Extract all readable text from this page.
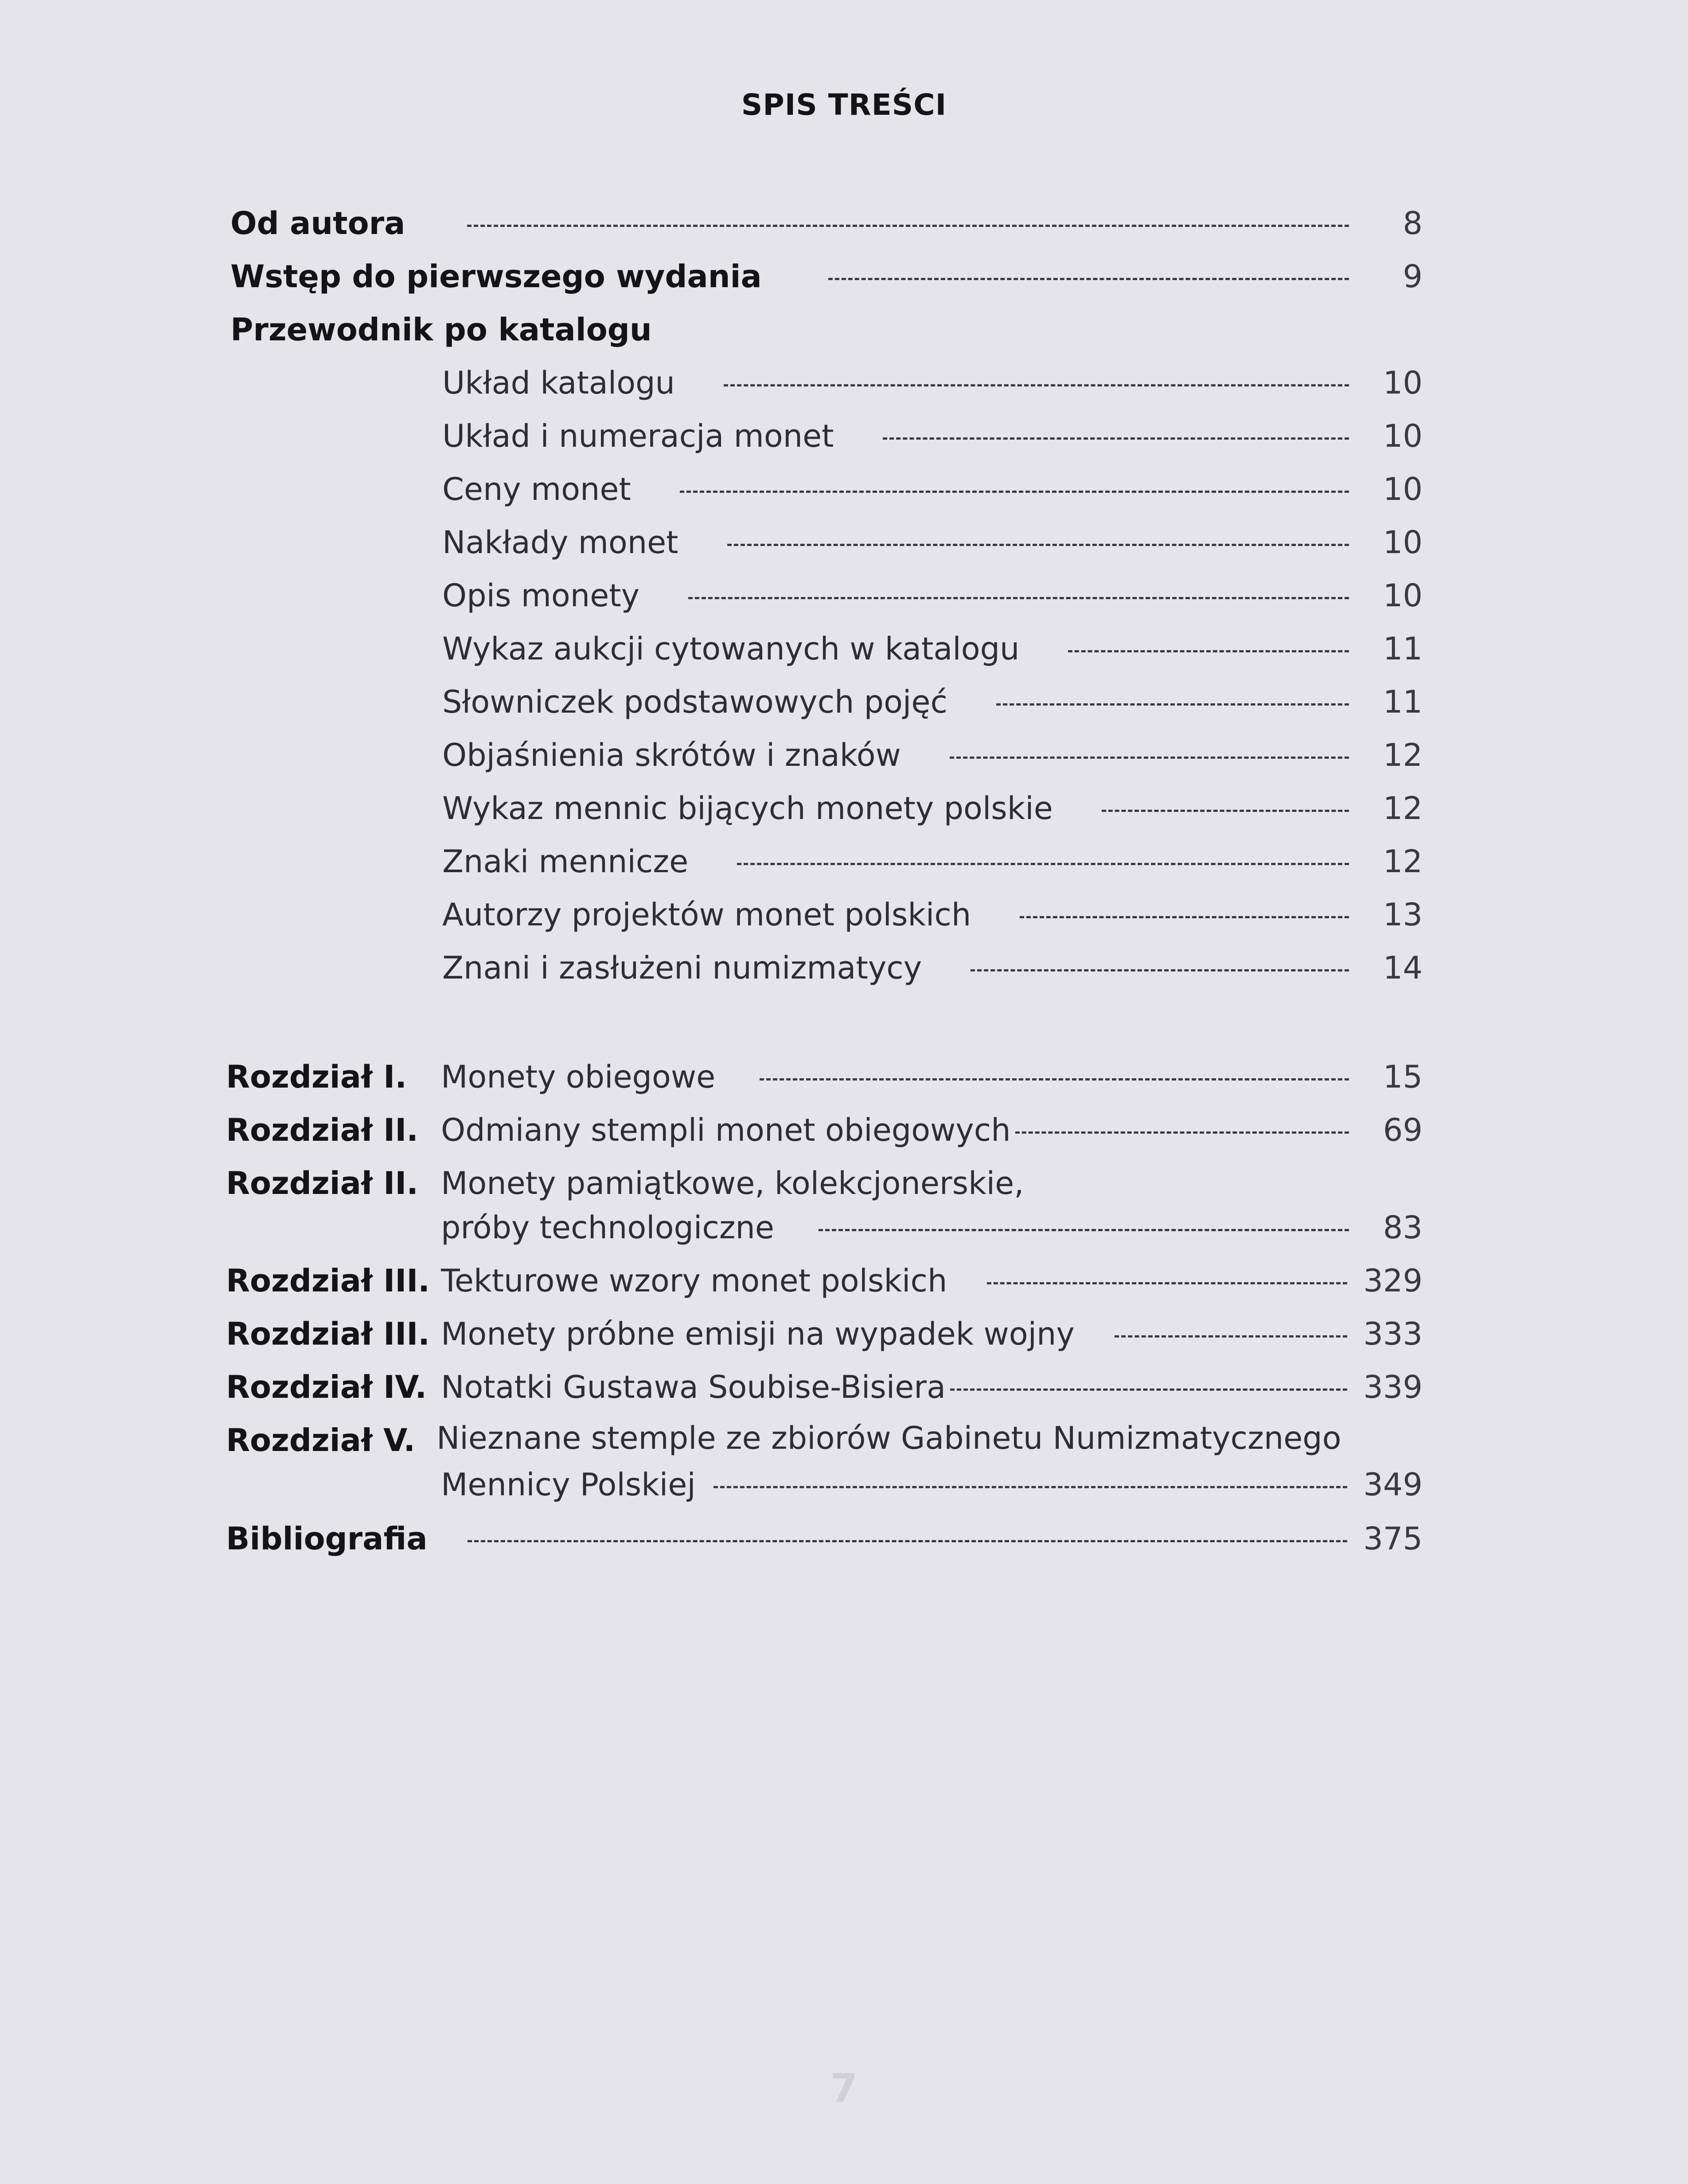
SPIS TREŚCI
Od autora	8
Wstęp do pierwszego wydania	9
Przewodnik po katalogu
Układ katalogu	10
Układ i numeracja monet	10
Ceny monet	10
Nakłady monet	10
Opis monety	10
Wykaz aukcji cytowanych w katalogu	11
Słowniczek podstawowych pojęć	11
Objaśnienia skrótów i znaków	12
Wykaz mennic bijących monety polskie	12
Znaki mennicze	12
Autorzy projektów monet polskich	13
Znani i zasłużeni numizmatycy	14
Rozdział I. Monety obiegowe	15
Rozdział II. Odmiany stempli monet obiegowych	69
Rozdział II. Monety pamiątkowe, kolekcjonerskie,
próby technologiczne	83
Rozdział III. Tekturowe wzory monet polskich	329
Rozdział III. Monety próbne emisji na wypadek wojny	333
Rozdział IV. Notatki Gustawa Soubise-Bisiera	339
Rozdział V. Nieznane stemple ze zbiorów Gabinetu Numizmatycznego
Mennicy Polskiej	349
Bibliografia	375
7
